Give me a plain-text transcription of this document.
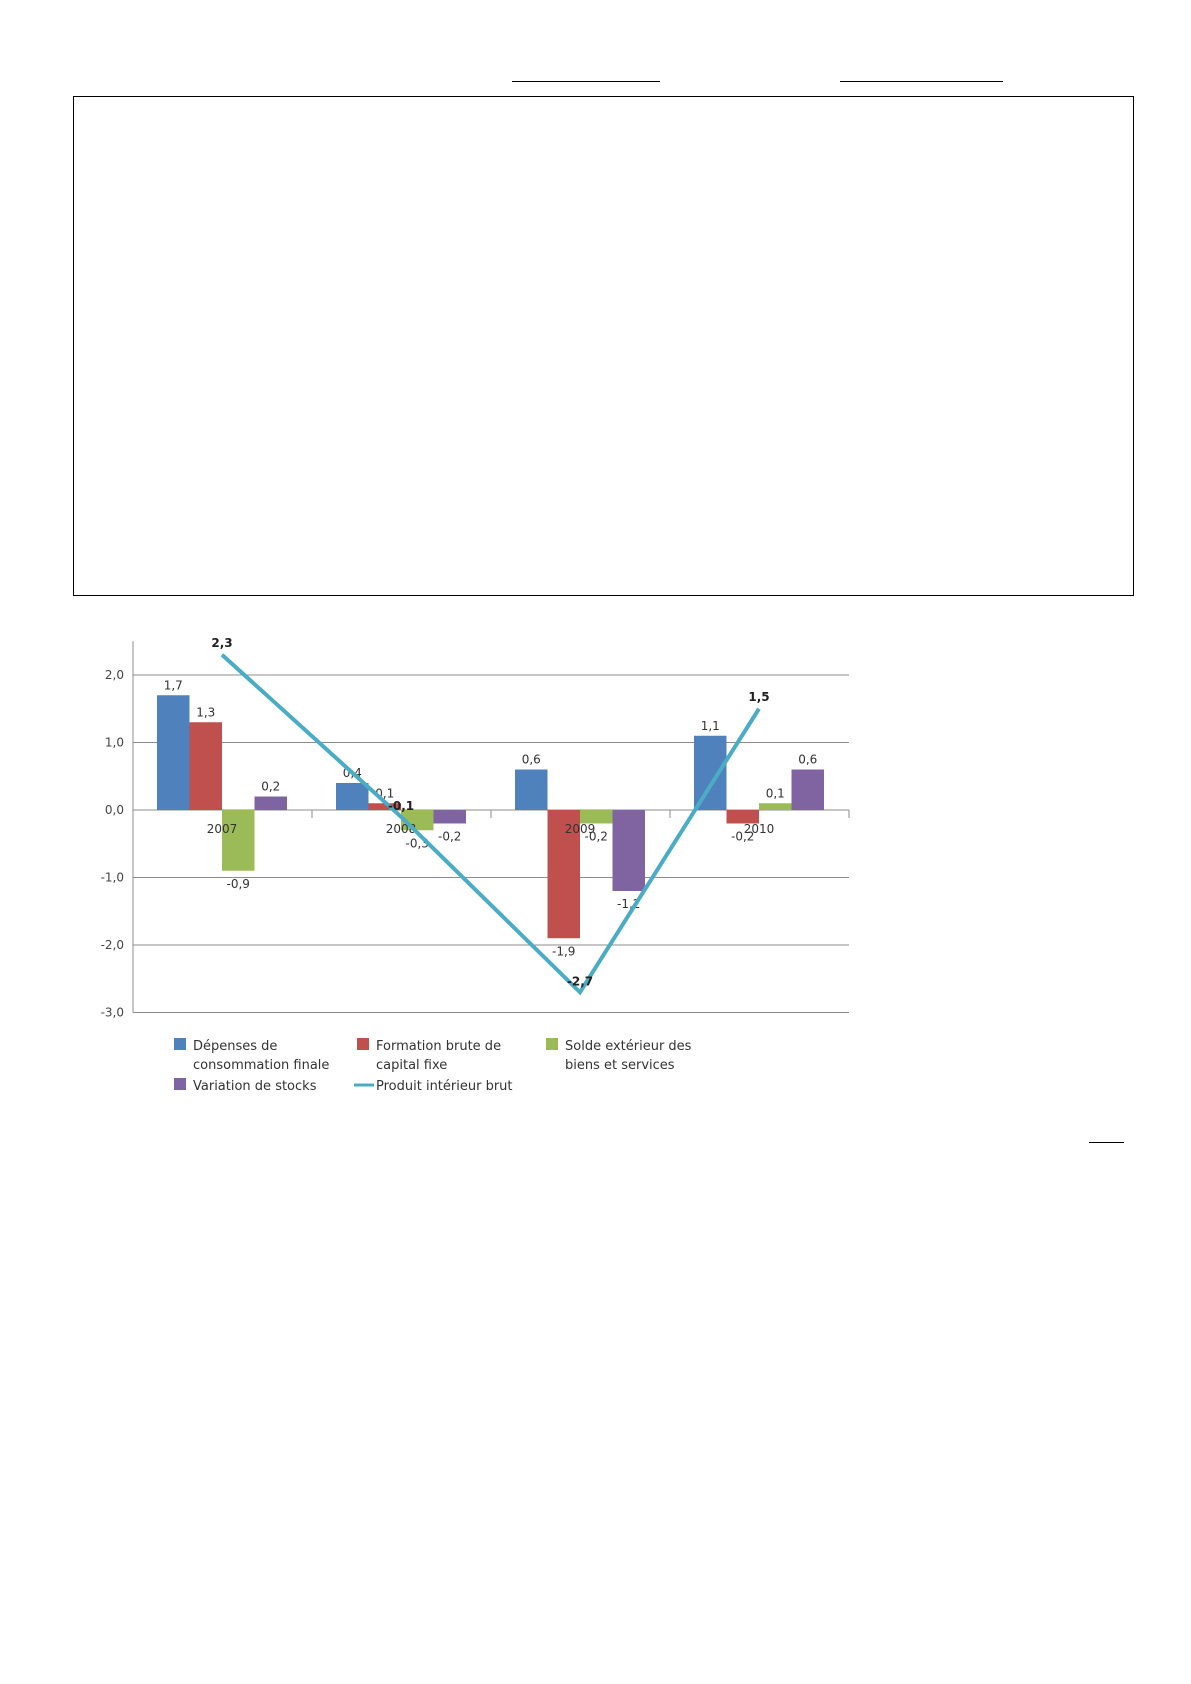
2,0
1,0
0,0
-1,0
-2,0
-3,0
1,7
1,3
-0,9
0,2
2007
0,4
0,1
-0,3 -0,2
2008
0,6
-1,9
-0,2
-1,2
2009
1,1
-0,2
0,1
0,6
2010
2,3
-0,1
-2,7
1,5
Dépenses de
consommation finale
Formation brute de
capital fixe
Solde extérieur des
biens et services
Variation de stocks	Produit intérieur brut
